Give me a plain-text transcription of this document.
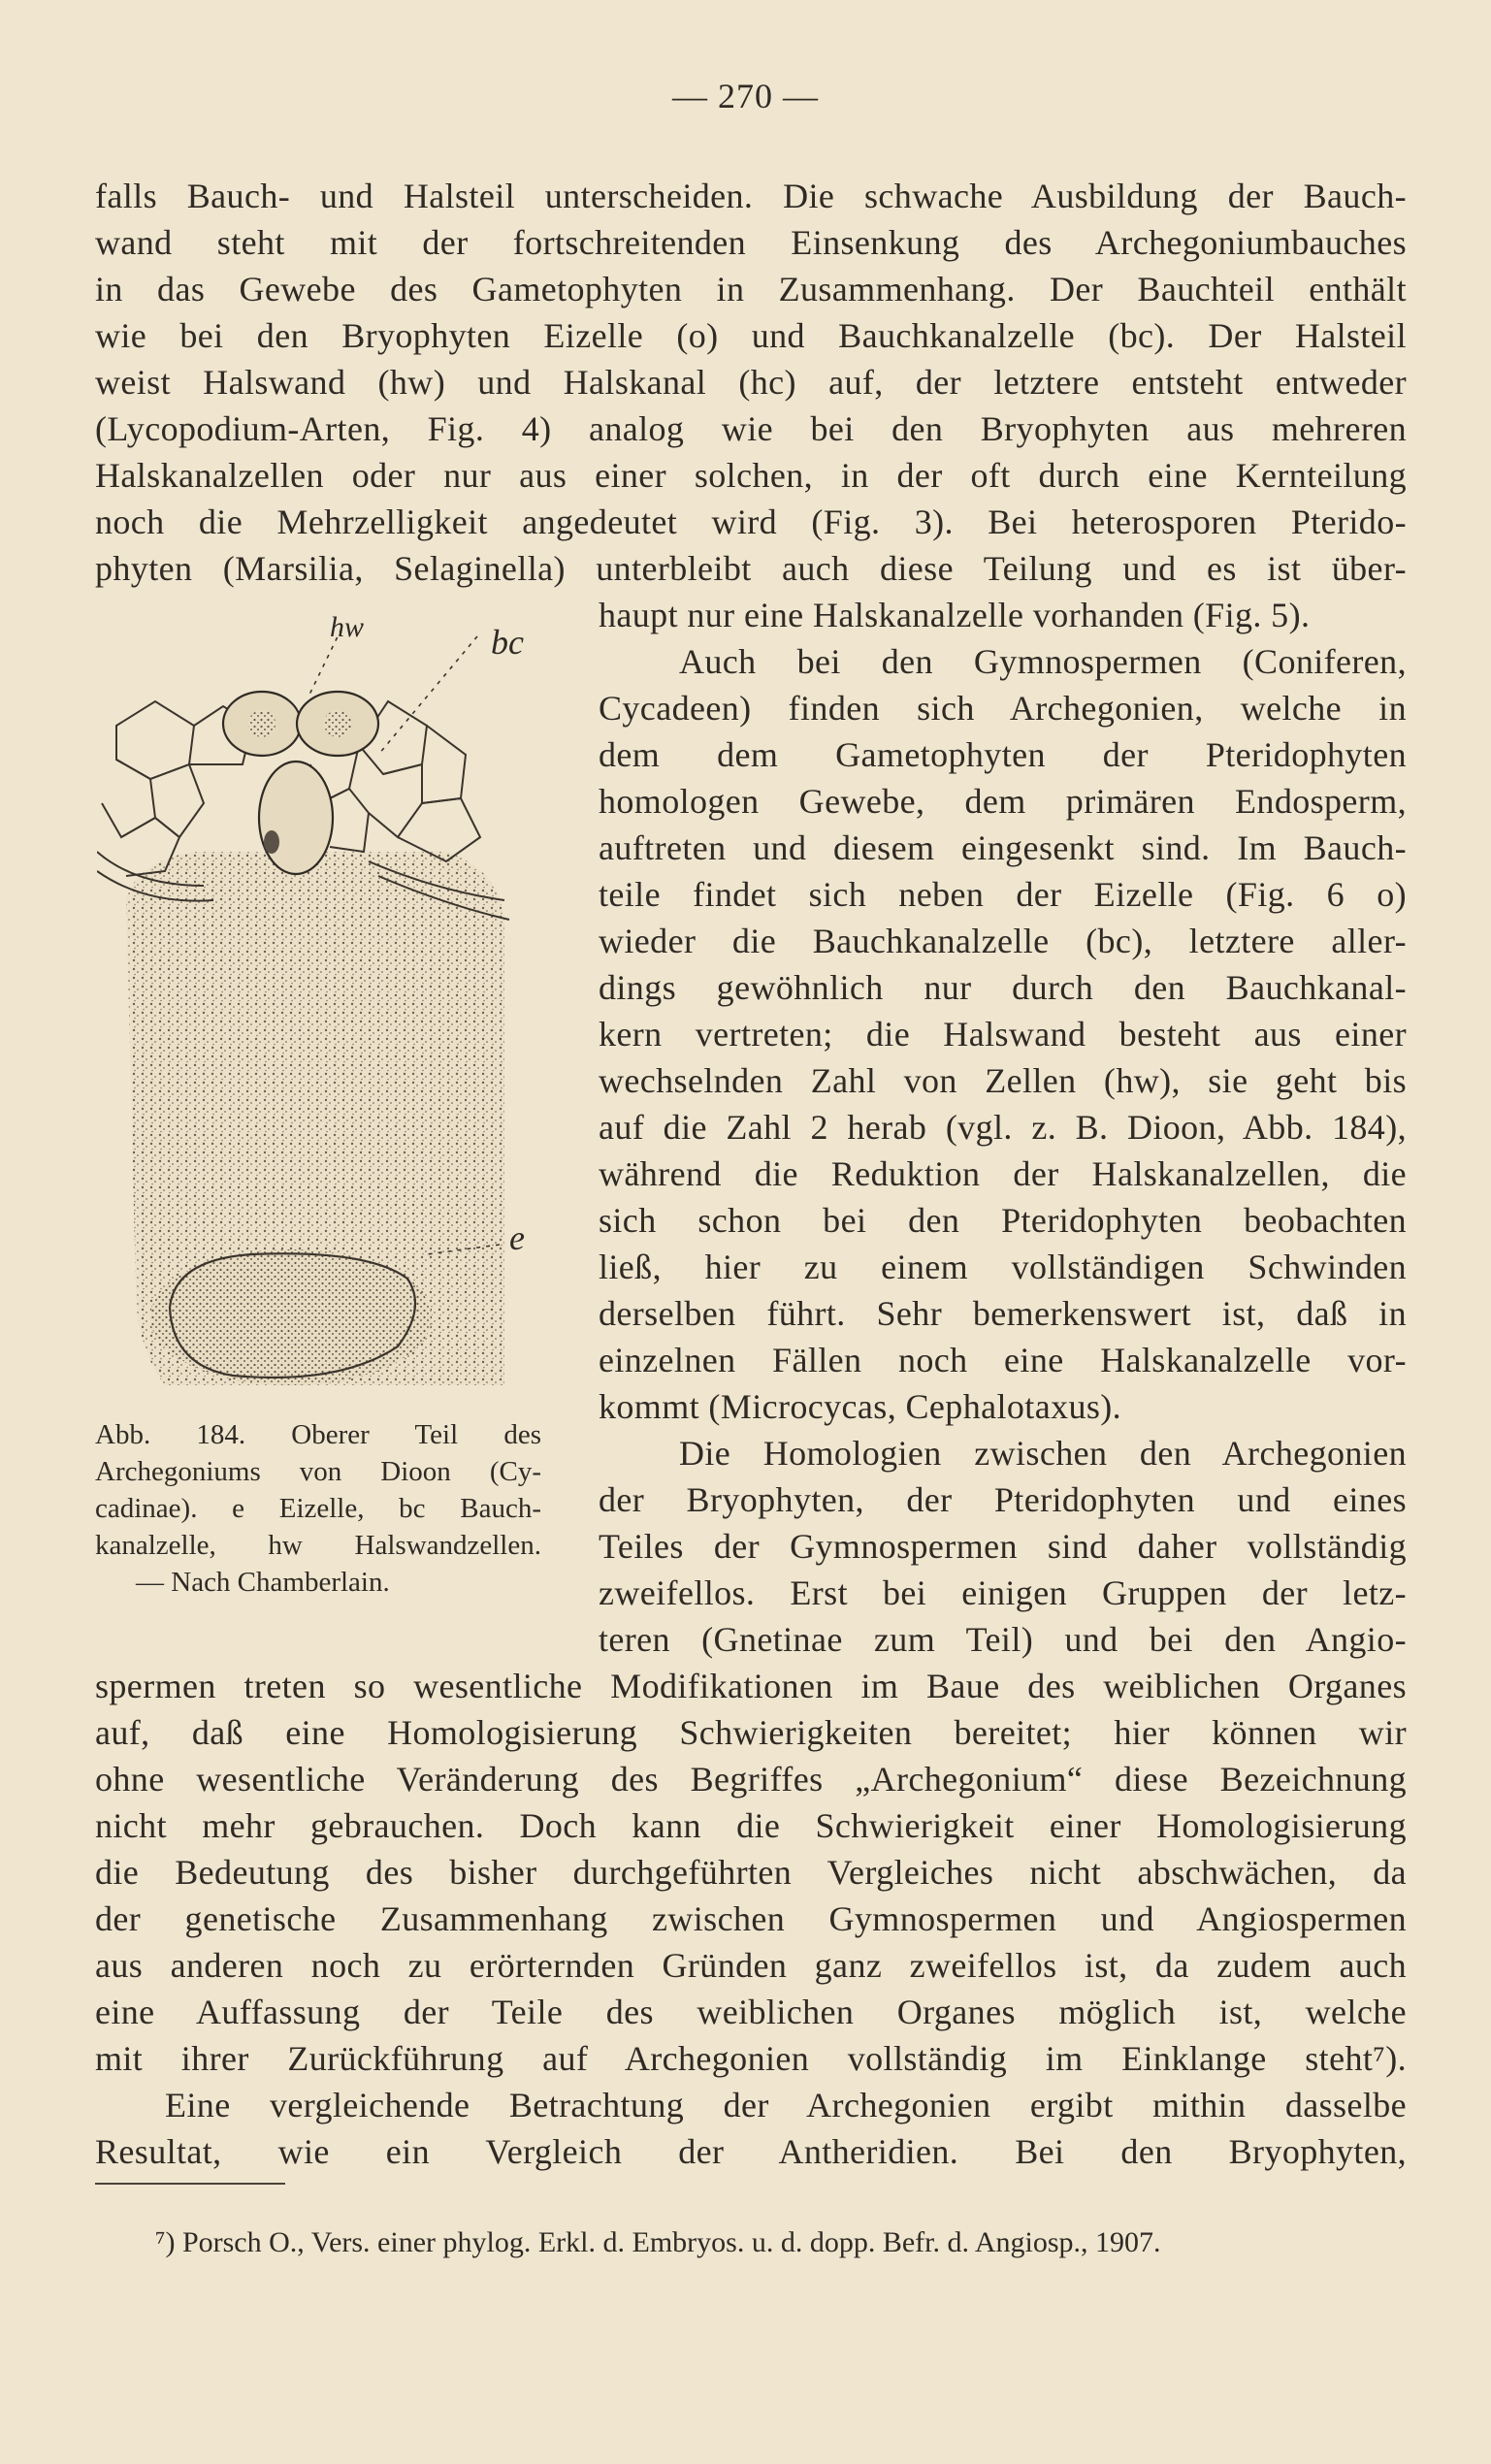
— 270 —
falls Bauch- und Halsteil unterscheiden. Die schwache Ausbildung der Bauch-
wand steht mit der fortschreitenden Einsenkung des Archegoniumbauches
in das Gewebe des Gametophyten in Zusammenhang. Der Bauchteil enthält
wie bei den Bryophyten Eizelle (o) und Bauchkanalzelle (bc). Der Halsteil
weist Halswand (hw) und Halskanal (hc) auf, der letztere entsteht entweder
(Lycopodium-Arten, Fig. 4) analog wie bei den Bryophyten aus mehreren
Halskanalzellen oder nur aus einer solchen, in der oft durch eine Kernteilung
noch die Mehrzelligkeit angedeutet wird (Fig. 3). Bei heterosporen Pterido-
phyten (Marsilia, Selaginella) unterbleibt auch diese Teilung und es ist über-
haupt nur eine Halskanalzelle vorhanden (Fig. 5).
Auch bei den Gymnospermen (Coniferen,
Cycadeen) finden sich Archegonien, welche in
dem dem Gametophyten der Pteridophyten
homologen Gewebe, dem primären Endosperm,
auftreten und diesem eingesenkt sind. Im Bauch-
teile findet sich neben der Eizelle (Fig. 6 o)
wieder die Bauchkanalzelle (bc), letztere aller-
dings gewöhnlich nur durch den Bauchkanal-
kern vertreten; die Halswand besteht aus einer
wechselnden Zahl von Zellen (hw), sie geht bis
auf die Zahl 2 herab (vgl. z. B. Dioon, Abb. 184),
während die Reduktion der Halskanalzellen, die
sich schon bei den Pteridophyten beobachten
ließ, hier zu einem vollständigen Schwinden
derselben führt. Sehr bemerkenswert ist, daß in
einzelnen Fällen noch eine Halskanalzelle vor-
kommt (Microcycas, Cephalotaxus).
Die Homologien zwischen den Archegonien
der Bryophyten, der Pteridophyten und eines
Teiles der Gymnospermen sind daher vollständig
zweifellos. Erst bei einigen Gruppen der letz-
teren (Gnetinae zum Teil) und bei den Angio-
spermen treten so wesentliche Modifikationen im Baue des weiblichen Organes
auf, daß eine Homologisierung Schwierigkeiten bereitet; hier können wir
ohne wesentliche Veränderung des Begriffes „Archegonium“ diese Bezeichnung
nicht mehr gebrauchen. Doch kann die Schwierigkeit einer Homologisierung
die Bedeutung des bisher durchgeführten Vergleiches nicht abschwächen, da
der genetische Zusammenhang zwischen Gymnospermen und Angiospermen
aus anderen noch zu erörternden Gründen ganz zweifellos ist, da zudem auch
eine Auffassung der Teile des weiblichen Organes möglich ist, welche
mit ihrer Zurückführung auf Archegonien vollständig im Einklange steht⁷).
Eine vergleichende Betrachtung der Archegonien ergibt mithin dasselbe
Resultat, wie ein Vergleich der Antheridien. Bei den Bryophyten,
hw	bc
e
Abb. 184. Oberer Teil des
Archegoniums von Dioon (Cy-
cadinae). e Eizelle, bc Bauch-
kanalzelle, hw Halswandzellen.
— Nach Chamberlain.
⁷) Porsch O., Vers. einer phylog. Erkl. d. Embryos. u. d. dopp. Befr. d. Angiosp., 1907.
